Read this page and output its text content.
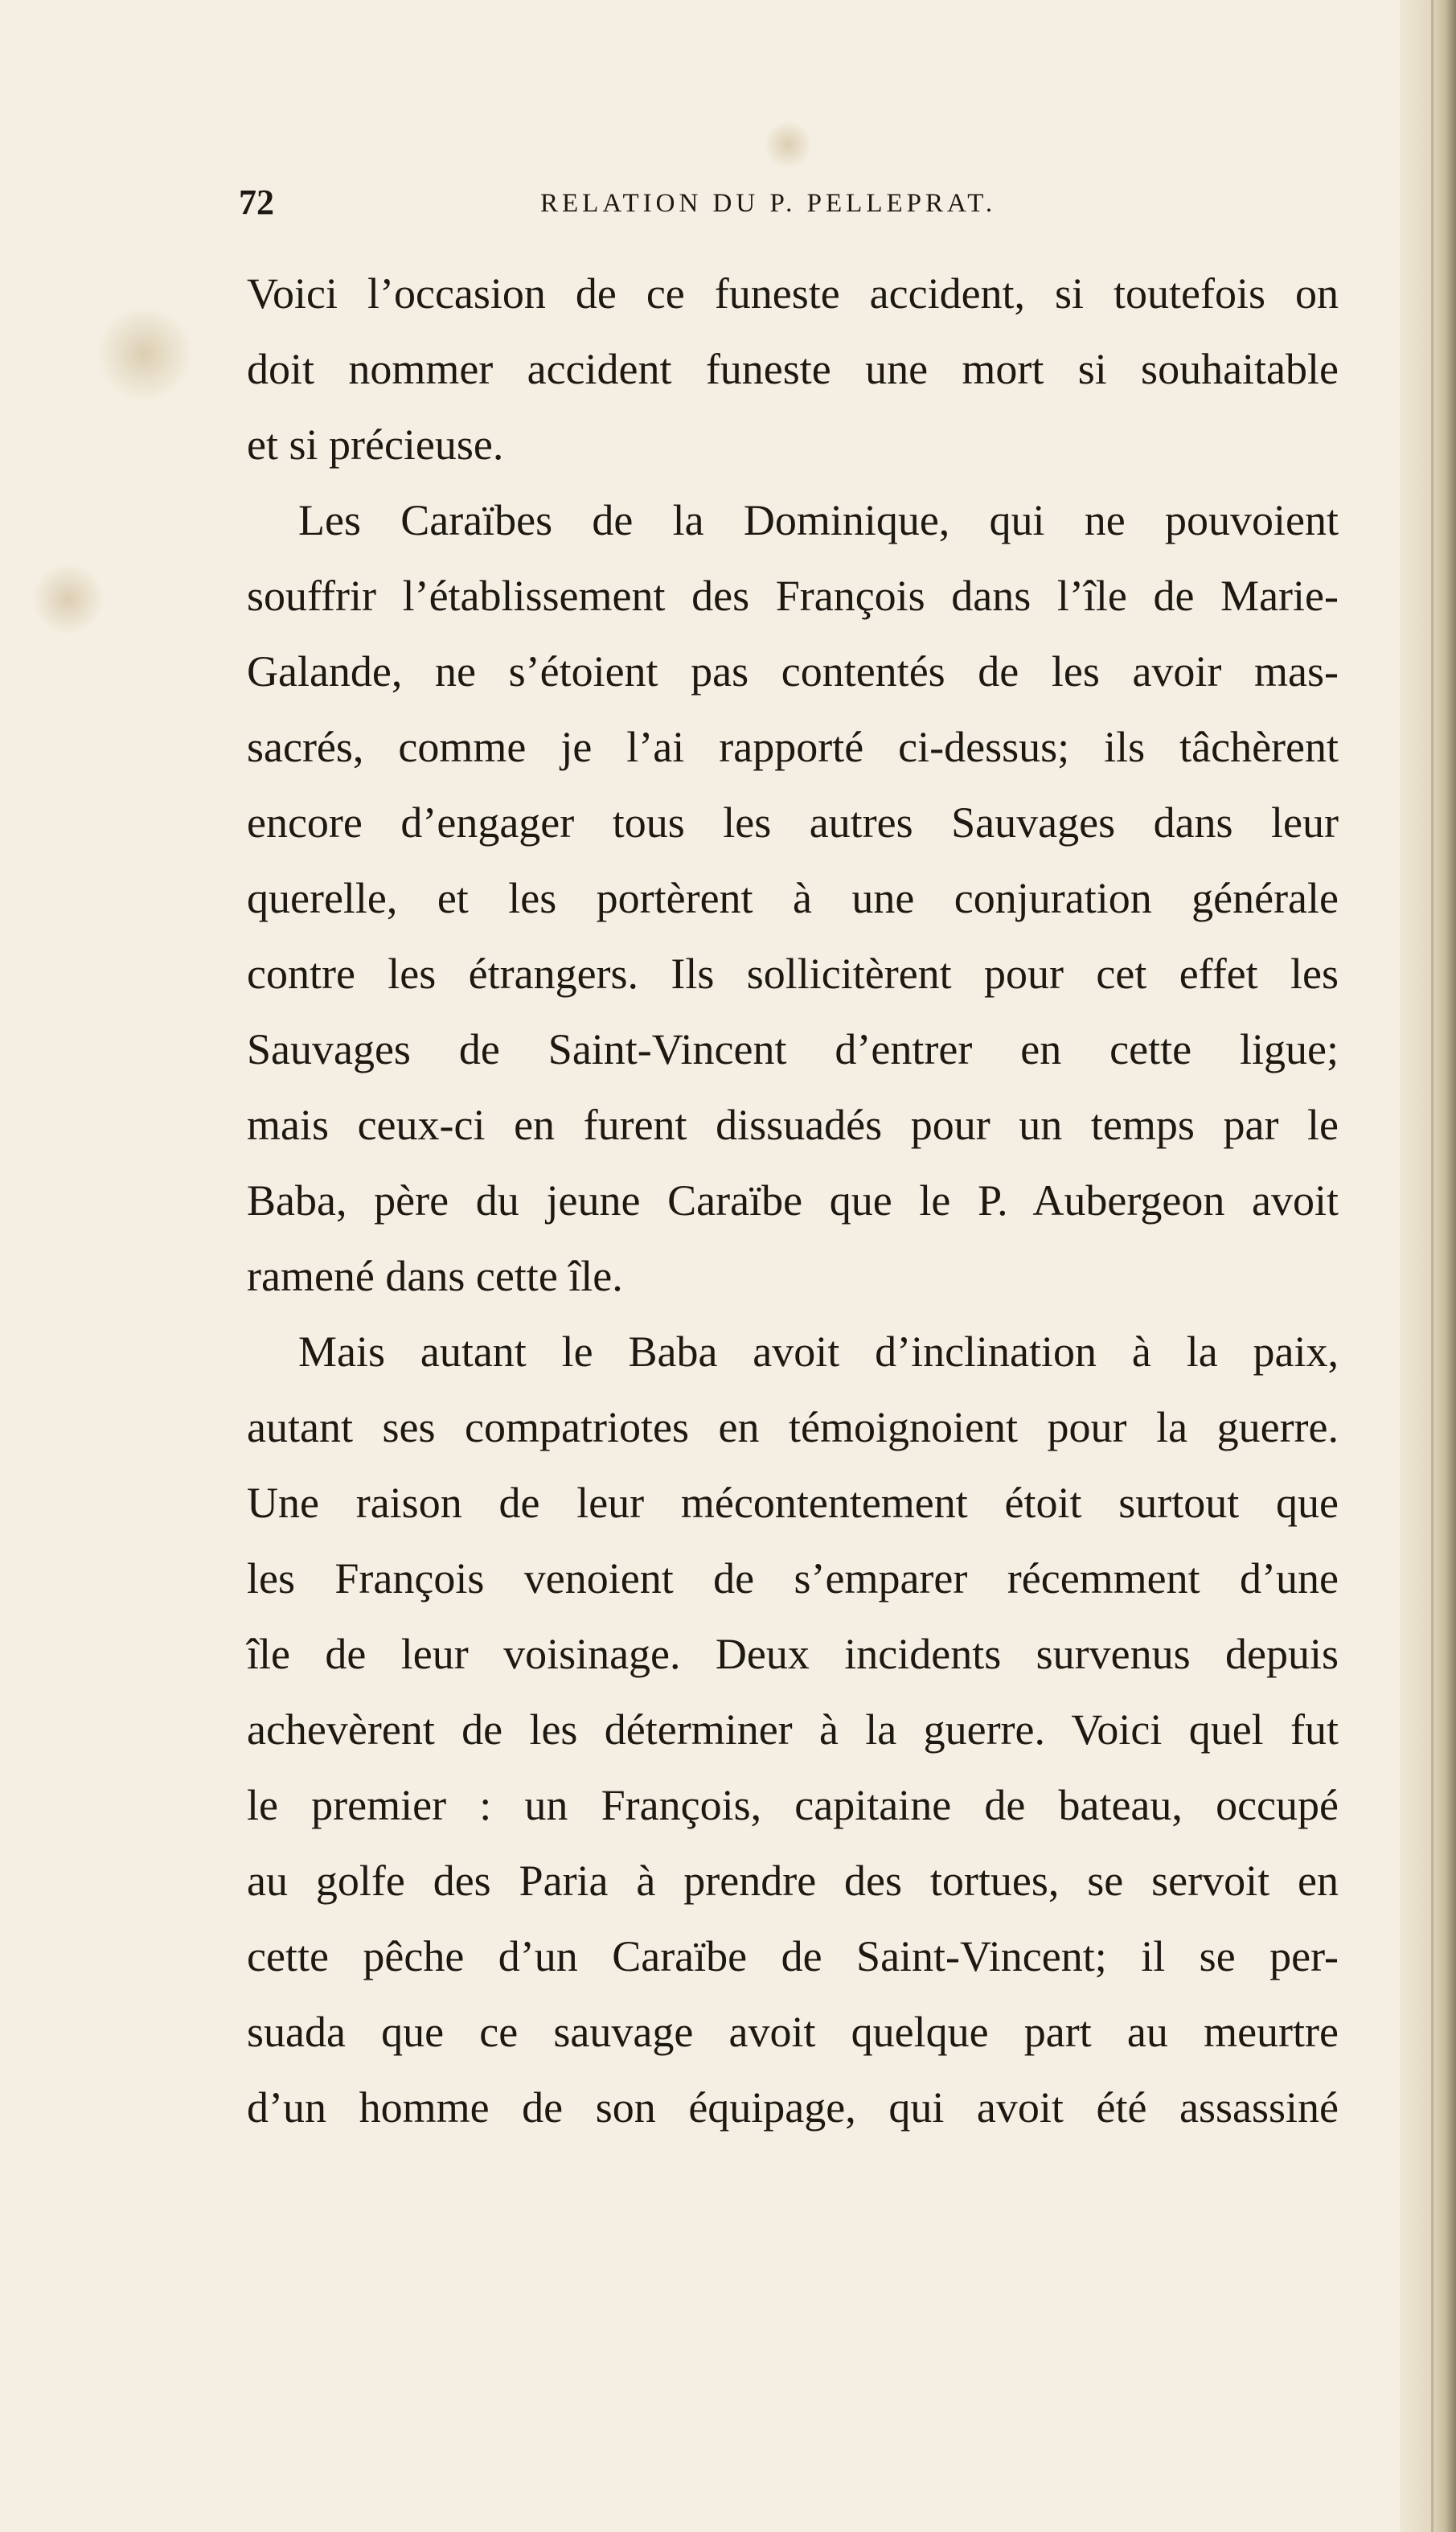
72	RELATION DU P. PELLEPRAT.
Voici l’occasion de ce funeste accident, si toutefois on
doit nommer accident funeste une mort si souhaitable
et si précieuse.
Les Caraïbes de la Dominique, qui ne pouvoient
souffrir l’établissement des François dans l’île de Marie-
Galande, ne s’étoient pas contentés de les avoir mas-
sacrés, comme je l’ai rapporté ci-dessus; ils tâchèrent
encore d’engager tous les autres Sauvages dans leur
querelle, et les portèrent à une conjuration générale
contre les étrangers. Ils sollicitèrent pour cet effet les
Sauvages de Saint-Vincent d’entrer en cette ligue;
mais ceux-ci en furent dissuadés pour un temps par le
Baba, père du jeune Caraïbe que le P. Aubergeon avoit
ramené dans cette île.
Mais autant le Baba avoit d’inclination à la paix,
autant ses compatriotes en témoignoient pour la guerre.
Une raison de leur mécontentement étoit surtout que
les François venoient de s’emparer récemment d’une
île de leur voisinage. Deux incidents survenus depuis
achevèrent de les déterminer à la guerre. Voici quel fut
le premier : un François, capitaine de bateau, occupé
au golfe des Paria à prendre des tortues, se servoit en
cette pêche d’un Caraïbe de Saint-Vincent; il se per-
suada que ce sauvage avoit quelque part au meurtre
d’un homme de son équipage, qui avoit été assassiné
